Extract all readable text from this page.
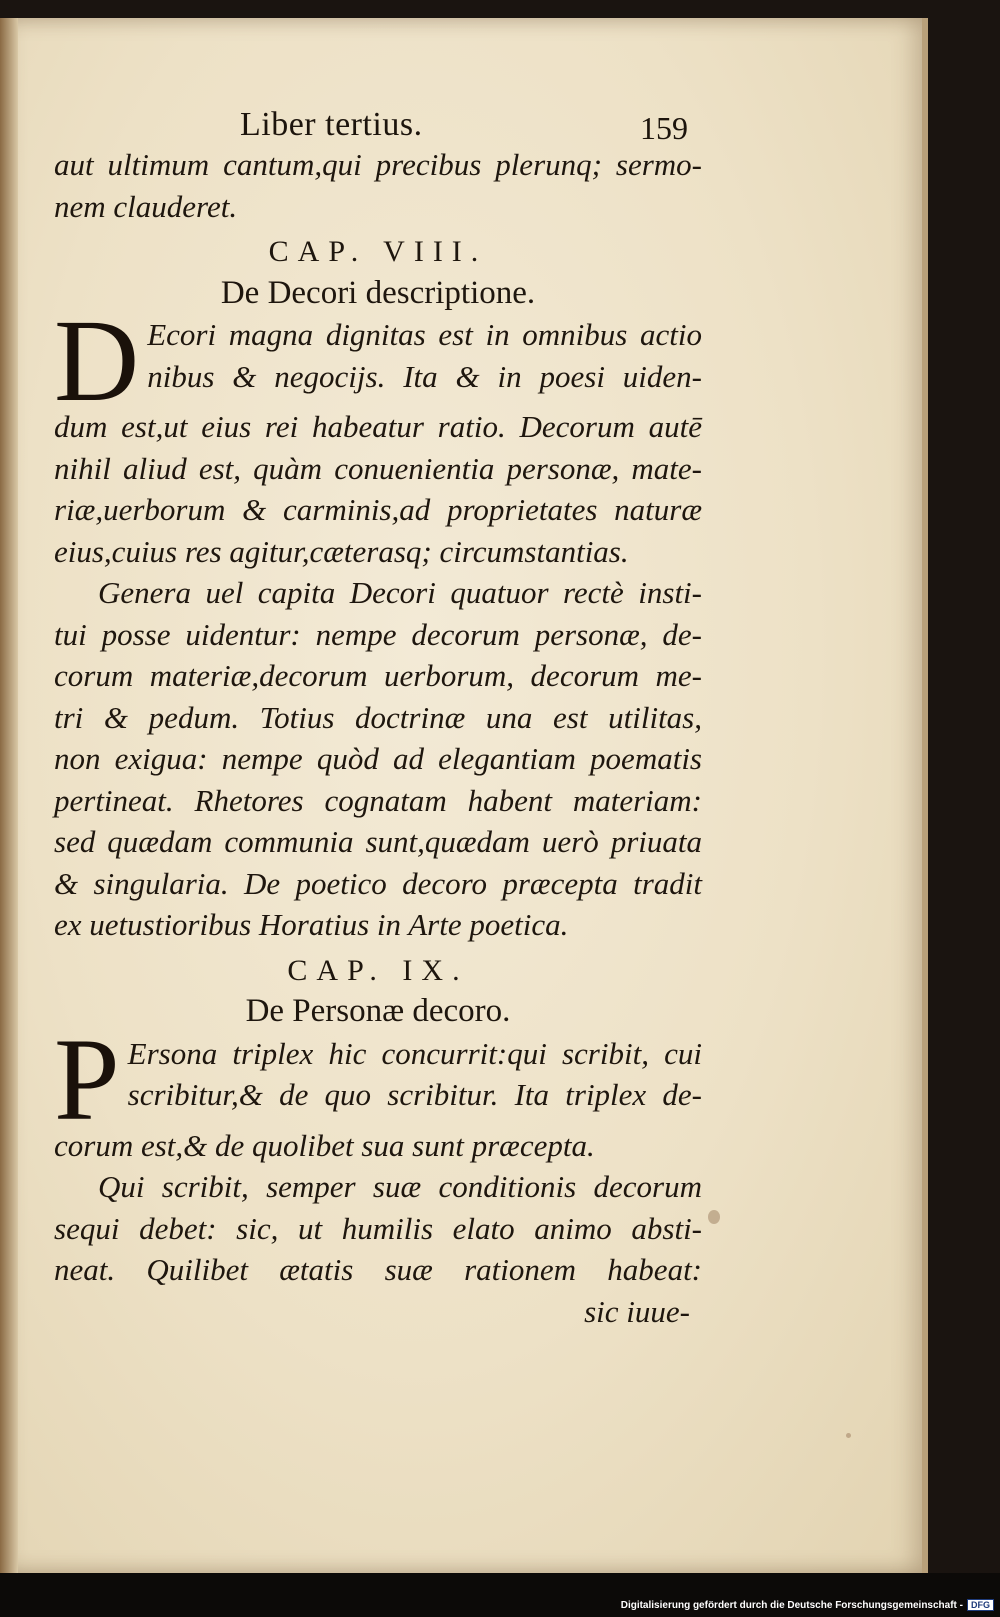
Liber tertius.	159
aut ultimum cantum,qui precibus plerunq; sermo-
nem clauderet.
CAP. VIII.
De Decori descriptione.
D Ecori magna dignitas est in omnibus actio
nibus & negocijs. Ita & in poesi uiden-
dum est,ut eius rei habeatur ratio. Decorum autē
nihil aliud est, quàm conuenientia personæ, mate-
riæ,uerborum & carminis,ad proprietates naturæ
eius,cuius res agitur,cæterasq; circumstantias.
Genera uel capita Decori quatuor rectè insti-
tui posse uidentur: nempe decorum personæ, de-
corum materiæ,decorum uerborum, decorum me-
tri & pedum. Totius doctrinæ una est utilitas,
non exigua: nempe quòd ad elegantiam poematis
pertineat. Rhetores cognatam habent materiam:
sed quædam communia sunt,quædam uerò priuata
& singularia. De poetico decoro præcepta tradit
ex uetustioribus Horatius in Arte poetica.
CAP. IX.
De Personæ decoro.
P Ersona triplex hic concurrit:qui scribit, cui
scribitur,& de quo scribitur. Ita triplex de-
corum est,& de quolibet sua sunt præcepta.
Qui scribit, semper suæ conditionis decorum
sequi debet: sic, ut humilis elato animo absti-
neat. Quilibet ætatis suæ rationem habeat:
sic iuue-
Digitalisierung gefördert durch die Deutsche Forschungsgemeinschaft - DFG
